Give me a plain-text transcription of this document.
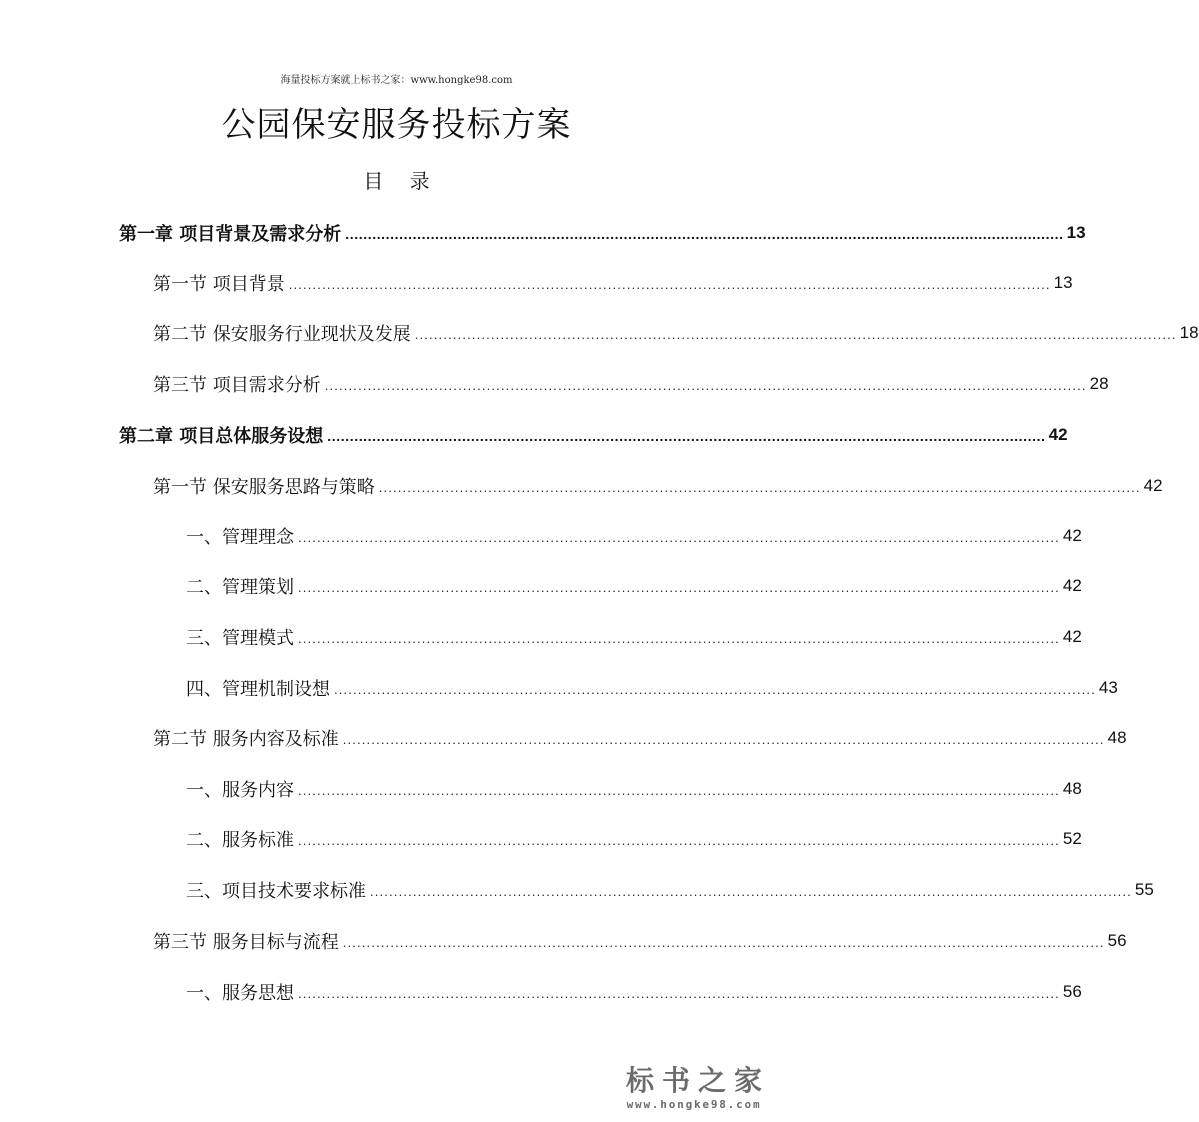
海量投标方案就上标书之家：www.hongke98.com
公园保安服务投标方案
目 录
第一章 项目背景及需求分析 ................................................................................................................................................................ 13
第一节 项目背景 ................................................................................................................................................................ 13
第二节 保安服务行业现状及发展 ................................................................................................................................................................ 18
第三节 项目需求分析 ................................................................................................................................................................ 28
第二章 项目总体服务设想 ................................................................................................................................................................ 42
第一节 保安服务思路与策略 ................................................................................................................................................................ 42
一、管理理念 ................................................................................................................................................................ 42
二、管理策划 ................................................................................................................................................................ 42
三、管理模式 ................................................................................................................................................................ 42
四、管理机制设想 ................................................................................................................................................................ 43
第二节 服务内容及标准 ................................................................................................................................................................ 48
一、服务内容 ................................................................................................................................................................ 48
二、服务标准 ................................................................................................................................................................ 52
三、项目技术要求标准 ................................................................................................................................................................ 55
第三节 服务目标与流程 ................................................................................................................................................................ 56
一、服务思想 ................................................................................................................................................................ 56
标书之家
www.hongke98.com
